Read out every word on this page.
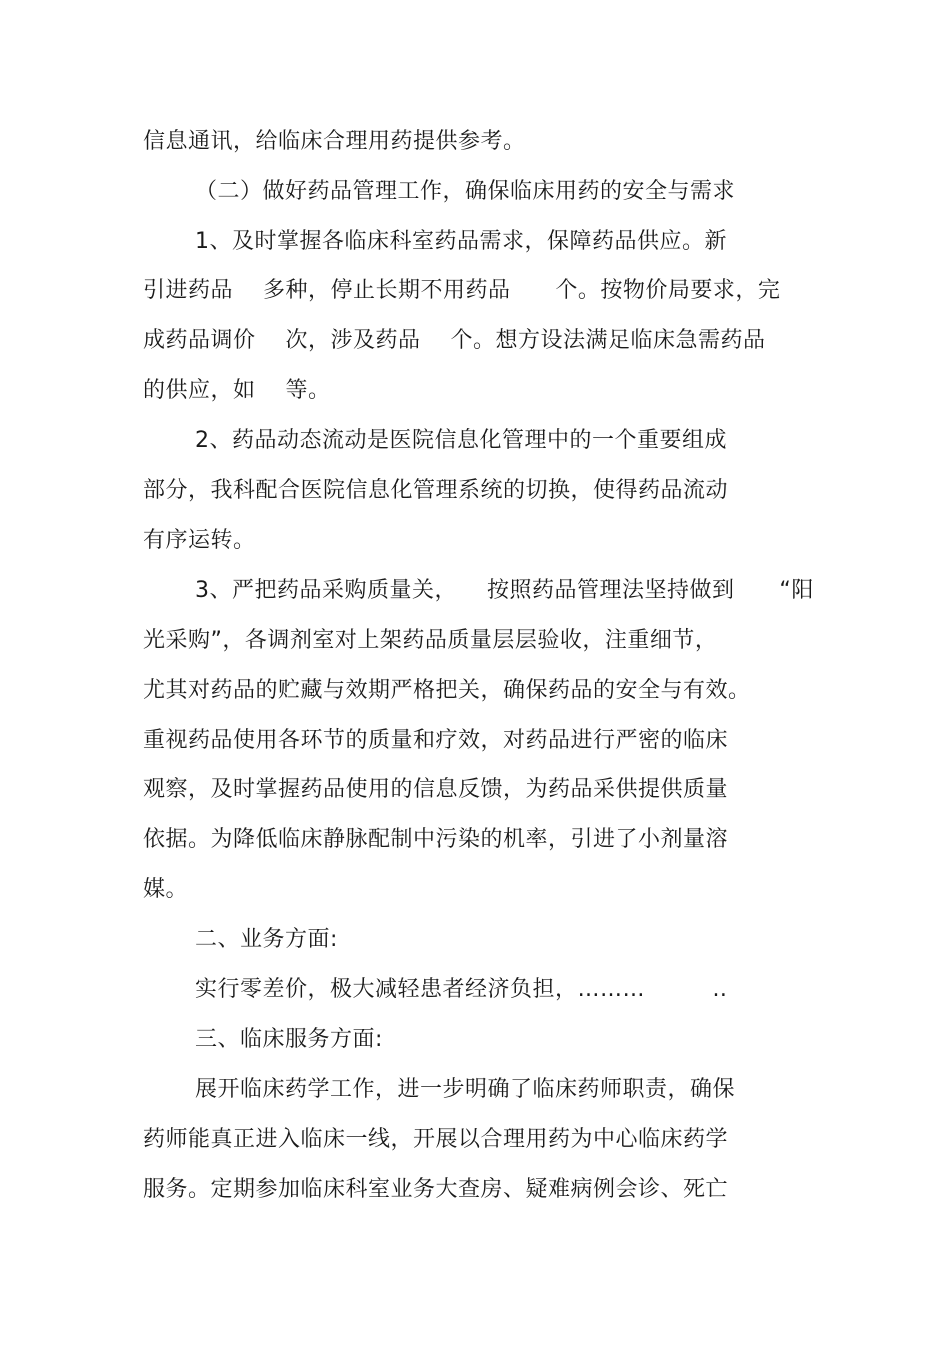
信息通讯，给临床合理用药提供参考。
（二）做好药品管理工作，确保临床用药的安全与需求
1、及时掌握各临床科室药品需求，保障药品供应。新
引进药品    多种，停止长期不用药品      个。按物价局要求，完
成药品调价    次，涉及药品    个。想方设法满足临床急需药品
的供应，如    等。
2、药品动态流动是医院信息化管理中的一个重要组成
部分，我科配合医院信息化管理系统的切换，使得药品流动
有序运转。
3、严把药品采购质量关，    按照药品管理法坚持做到      “阳
光采购”，各调剂室对上架药品质量层层验收，注重细节，
尤其对药品的贮藏与效期严格把关，确保药品的安全与有效。
重视药品使用各环节的质量和疗效，对药品进行严密的临床
观察，及时掌握药品使用的信息反馈，为药品采供提供质量
依据。为降低临床静脉配制中污染的机率，引进了小剂量溶
媒。
二、业务方面:
实行零差价，极大减轻患者经济负担，………         ..
三、临床服务方面:
展开临床药学工作，进一步明确了临床药师职责，确保
药师能真正进入临床一线，开展以合理用药为中心临床药学
服务。定期参加临床科室业务大查房、疑难病例会诊、死亡
